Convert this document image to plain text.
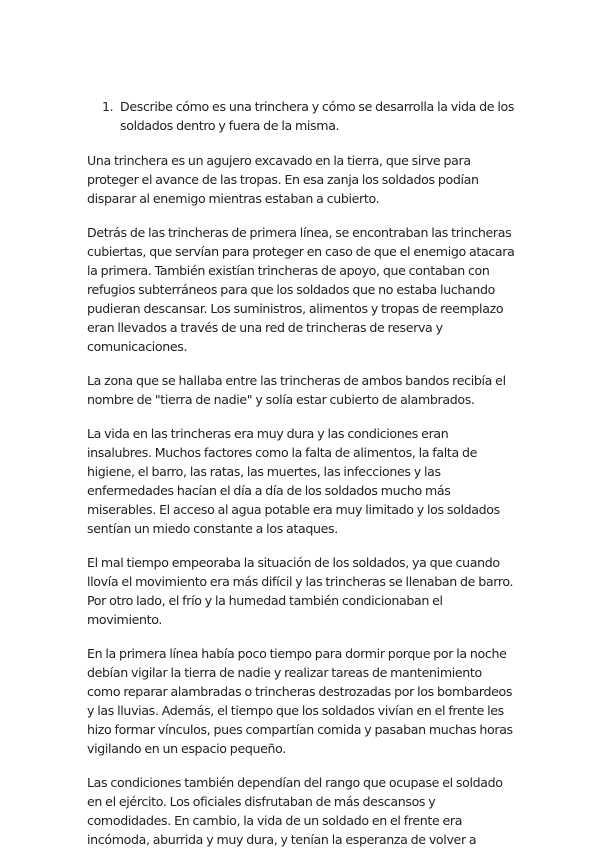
1. Describe cómo es una trinchera y cómo se desarrolla la vida de los soldados dentro y fuera de la misma.

Una trinchera es un agujero excavado en la tierra, que sirve para proteger el avance de las tropas. En esa zanja los soldados podían disparar al enemigo mientras estaban a cubierto.

Detrás de las trincheras de primera línea, se encontraban las trincheras cubiertas, que servían para proteger en caso de que el enemigo atacara la primera. También existían trincheras de apoyo, que contaban con refugios subterráneos para que los soldados que no estaba luchando pudieran descansar. Los suministros, alimentos y tropas de reemplazo eran llevados a través de una red de trincheras de reserva y comunicaciones.

La zona que se hallaba entre las trincheras de ambos bandos recibía el nombre de "tierra de nadie" y solía estar cubierto de alambrados.

La vida en las trincheras era muy dura y las condiciones eran insalubres. Muchos factores como la falta de alimentos, la falta de higiene, el barro, las ratas, las muertes, las infecciones y las enfermedades hacían el día a día de los soldados mucho más miserables. El acceso al agua potable era muy limitado y los soldados sentían un miedo constante a los ataques.

El mal tiempo empeoraba la situación de los soldados, ya que cuando llovía el movimiento era más difícil y las trincheras se llenaban de barro. Por otro lado, el frío y la humedad también condicionaban el movimiento.

En la primera línea había poco tiempo para dormir porque por la noche debían vigilar la tierra de nadie y realizar tareas de mantenimiento como reparar alambradas o trincheras destrozadas por los bombardeos y las lluvias. Además, el tiempo que los soldados vivían en el frente les hizo formar vínculos, pues compartían comida y pasaban muchas horas vigilando en un espacio pequeño.

Las condiciones también dependían del rango que ocupase el soldado en el ejército. Los oficiales disfrutaban de más descansos y comodidades. En cambio, la vida de un soldado en el frente era incómoda, aburrida y muy dura, y tenían la esperanza de volver a
